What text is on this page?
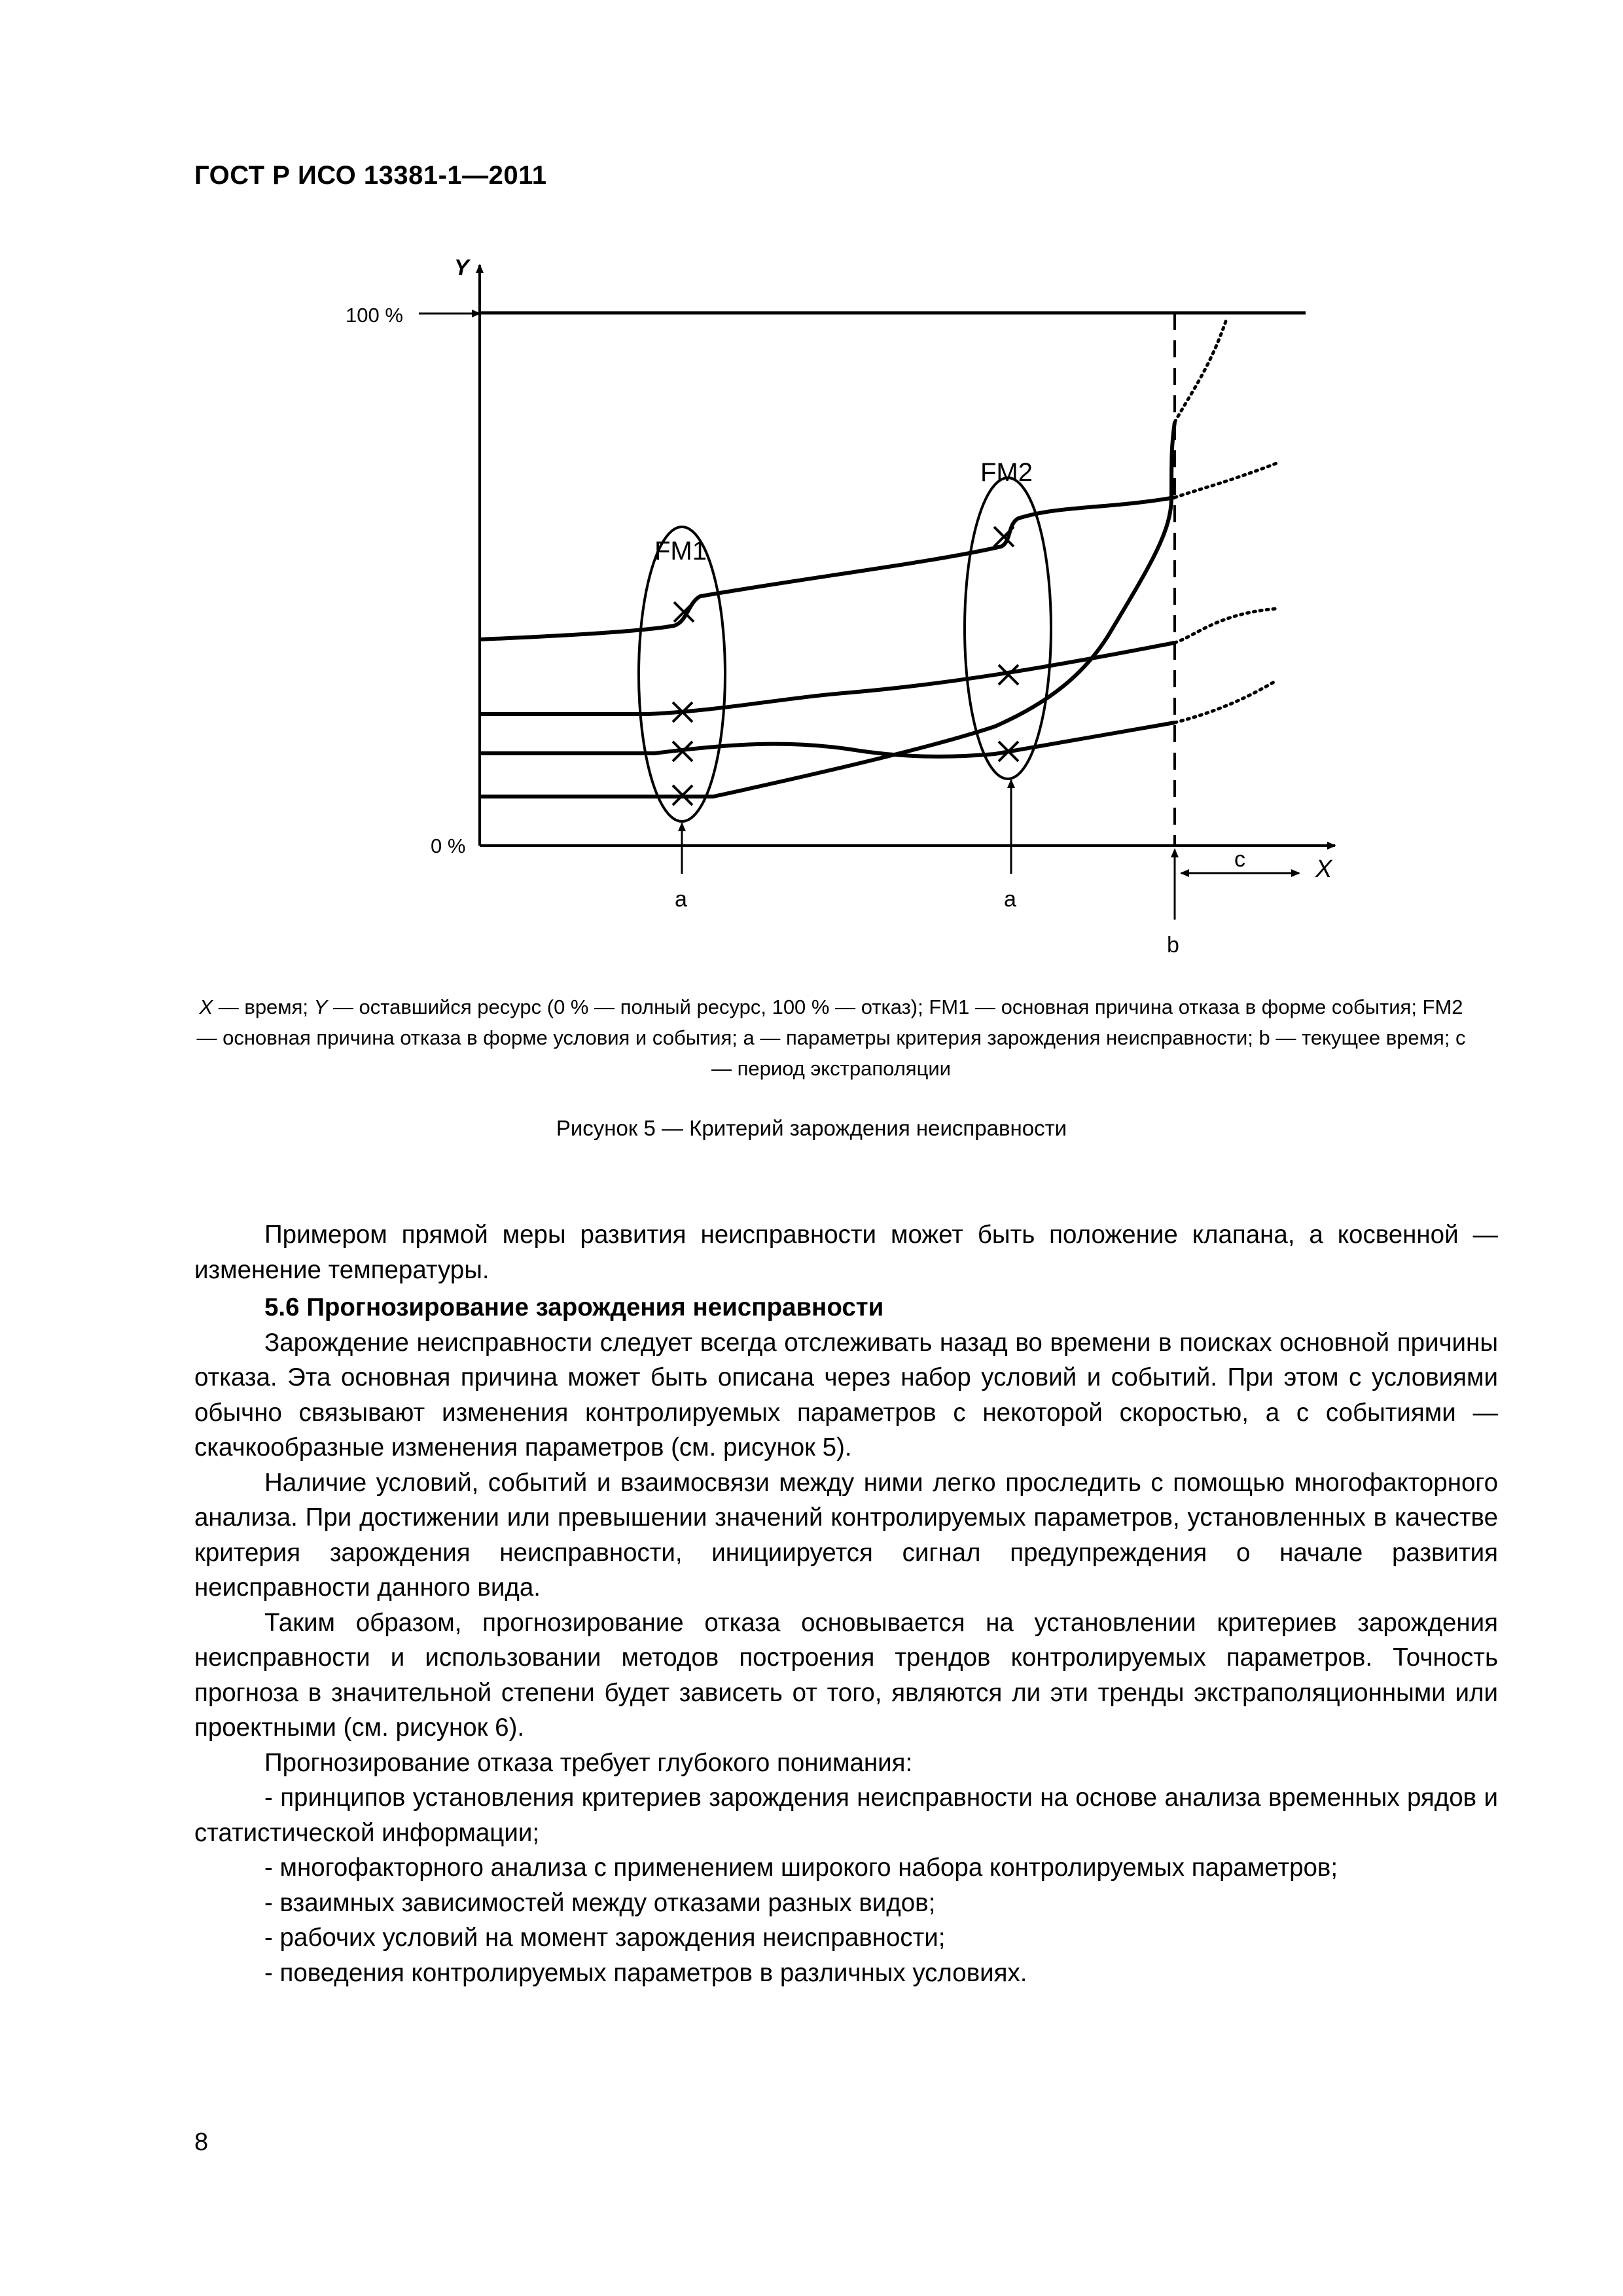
ГОСТ Р ИСО 13381-1—2011
Y
X
100 %
0 %
FM1
FM2
a	a
b
c
X — время; Y — оставшийся ресурс (0 % — полный ресурс, 100 % — отказ); FM1 — основная причина отказа в форме события; FM2 — основная причина отказа в форме условия и события; a — параметры критерия зарождения неисправности; b — текущее время; c — период экстраполяции
Рисунок 5 — Критерий зарождения неисправности

Примером прямой меры развития неисправности может быть положение клапана, а косвенной — изменение температуры.

5.6 Прогнозирование зарождения неисправности

Зарождение неисправности следует всегда отслеживать назад во времени в поисках основной причины отказа. Эта основная причина может быть описана через набор условий и событий. При этом с условиями обычно связывают изменения контролируемых параметров с некоторой скоростью, а с событиями — скачкообразные изменения параметров (см. рисунок 5).

Наличие условий, событий и взаимосвязи между ними легко проследить с помощью многофакторного анализа. При достижении или превышении значений контролируемых параметров, установленных в качестве критерия зарождения неисправности, инициируется сигнал предупреждения о начале развития неисправности данного вида.

Таким образом, прогнозирование отказа основывается на установлении критериев зарождения неисправности и использовании методов построения трендов контролируемых параметров. Точность прогноза в значительной степени будет зависеть от того, являются ли эти тренды экстраполяционными или проектными (см. рисунок 6).

Прогнозирование отказа требует глубокого понимания:

- принципов установления критериев зарождения неисправности на основе анализа временных рядов и статистической информации;

- многофакторного анализа с применением широкого набора контролируемых параметров;

- взаимных зависимостей между отказами разных видов;

- рабочих условий на момент зарождения неисправности;

- поведения контролируемых параметров в различных условиях.

8
